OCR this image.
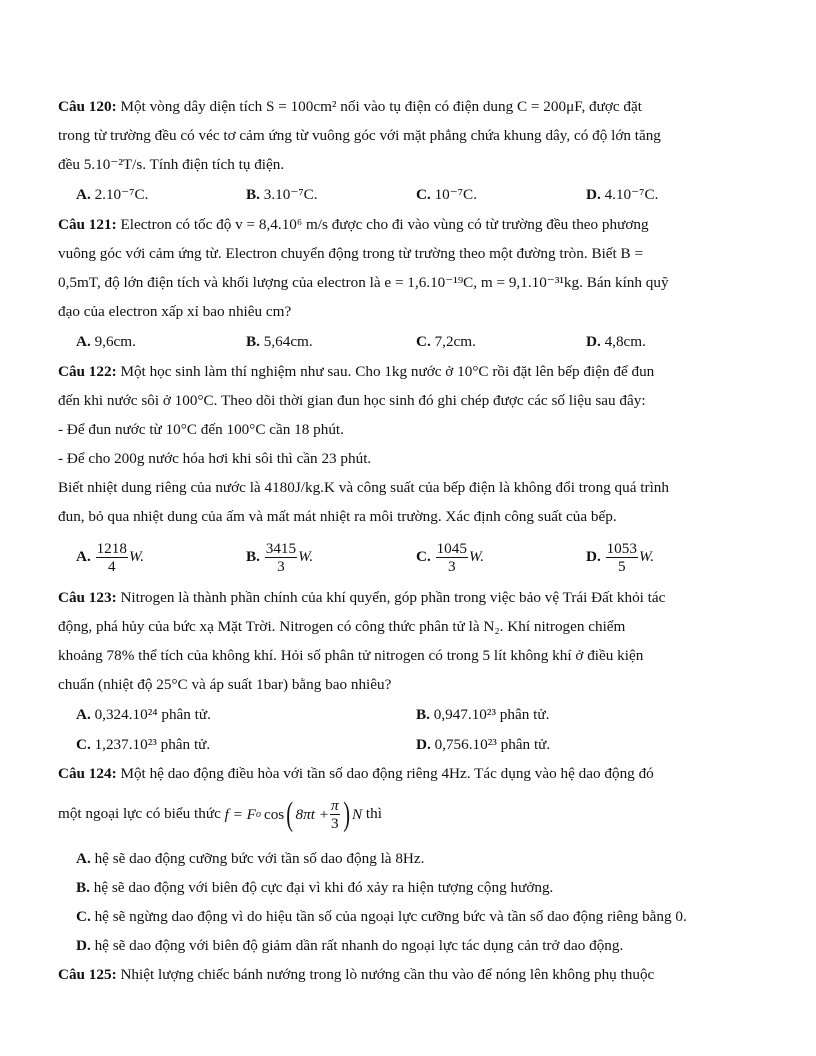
Câu 120: Một vòng dây diện tích S = 100cm² nối vào tụ điện có điện dung C = 200μF, được đặt

trong từ trường đều có véc tơ cảm ứng từ vuông góc với mặt phẳng chứa khung dây, có độ lớn tăng

đều 5.10⁻²T/s. Tính điện tích tụ điện.

A. 2.10⁻⁷C.	B. 3.10⁻⁷C.	C. 10⁻⁷C.	D. 4.10⁻⁷C.

Câu 121: Electron có tốc độ v = 8,4.10⁶ m/s được cho đi vào vùng có từ trường đều theo phương

vuông góc với cảm ứng từ. Electron chuyển động trong từ trường theo một đường tròn. Biết B =

0,5mT, độ lớn điện tích và khối lượng của electron là e = 1,6.10⁻¹⁹C, m = 9,1.10⁻³¹kg. Bán kính quỹ

đạo của electron xấp xỉ bao nhiêu cm?

A. 9,6cm.	B. 5,64cm.	C. 7,2cm.	D. 4,8cm.

Câu 122: Một học sinh làm thí nghiệm như sau. Cho 1kg nước ở 10°C rồi đặt lên bếp điện để đun

đến khi nước sôi ở 100°C. Theo dõi thời gian đun học sinh đó ghi chép được các số liệu sau đây:

- Để đun nước từ 10°C đến 100°C cần 18 phút.

- Để cho 200g nước hóa hơi khi sôi thì cần 23 phút.

Biết nhiệt dung riêng của nước là 4180J/kg.K và công suất của bếp điện là không đổi trong quá trình

đun, bỏ qua nhiệt dung của ấm và mất mát nhiệt ra môi trường. Xác định công suất của bếp.

A. $\frac{1218}{4} W$.	B. $\frac{3415}{3} W$.	C. $\frac{1045}{3} W$.	D. $\frac{1053}{5} W$.

Câu 123: Nitrogen là thành phần chính của khí quyển, góp phần trong việc bảo vệ Trái Đất khỏi tác

động, phá hủy của bức xạ Mặt Trời. Nitrogen có công thức phân tử là N₂. Khí nitrogen chiếm

khoảng 78% thể tích của không khí. Hỏi số phân tử nitrogen có trong 5 lít không khí ở điều kiện

chuẩn (nhiệt độ 25°C và áp suất 1bar) bằng bao nhiêu?

A. 0,324.10²⁴ phân tử.	B. 0,947.10²³ phân tử.
C. 1,237.10²³ phân tử.	D. 0,756.10²³ phân tử.

Câu 124: Một hệ dao động điều hòa với tần số dao động riêng 4Hz. Tác dụng vào hệ dao động đó

một ngoại lực có biểu thức f = F o cos ( $8\pi t + \frac{\pi}{3}$ ) N thì

A. hệ sẽ dao động cưỡng bức với tần số dao động là 8Hz.

B. hệ sẽ dao động với biên độ cực đại vì khi đó xảy ra hiện tượng cộng hưởng.

C. hệ sẽ ngừng dao động vì do hiệu tần số của ngoại lực cưỡng bức và tần số dao động riêng bằng 0.

D. hệ sẽ dao động với biên độ giảm dần rất nhanh do ngoại lực tác dụng cản trở dao động.

Câu 125: Nhiệt lượng chiếc bánh nướng trong lò nướng cần thu vào để nóng lên không phụ thuộc
